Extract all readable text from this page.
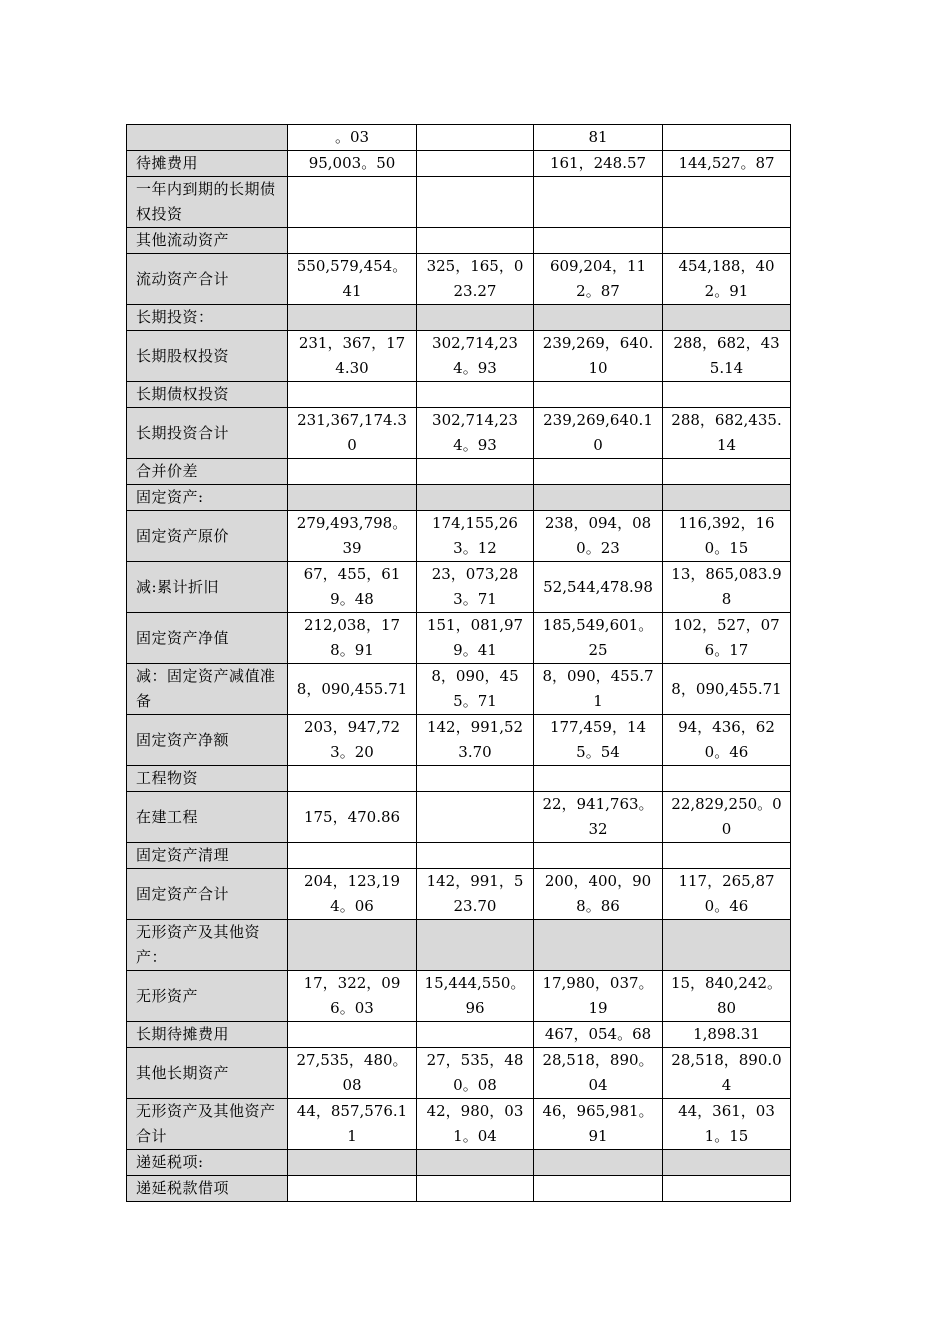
	。03		81	
待摊费用	95,003。50		161，248.57	144,527。87
一年内到期的长期债权投资				
其他流动资产				
流动资产合计	550,579,454。41	325，165，023.27	609,204，112。87	454,188，402。91
长期投资：				
长期股权投资	231，367，174.30	302,714,234。93	239,269，640.10	288，682，435.14
长期债权投资				
长期投资合计	231,367,174.30	302,714,234。93	239,269,640.10	288，682,435.14
合并价差				
固定资产:				
固定资产原价	279,493,798。39	174,155,263。12	238，094，080。23	116,392，160。15
减:累计折旧	67，455，619。48	23，073,283。71	52,544,478.98	13，865,083.98
固定资产净值	212,038，178。91	151，081,979。41	185,549,601。25	102，527，076。17
减：固定资产减值准备	8，090,455.71	8，090，455。71	8，090，455.71	8，090,455.71
固定资产净额	203，947,723。20	142，991,523.70	177,459，145。54	94，436，620。46
工程物资				
在建工程	175，470.86		22，941,763。32	22,829,250。00
固定资产清理				
固定资产合计	204，123,194。06	142，991，523.70	200，400，908。86	117，265,870。46
无形资产及其他资产：				
无形资产	17，322，096。03	15,444,550。96	17,980，037。19	15，840,242。80
长期待摊费用			467，054。68	1,898.31
其他长期资产	27,535，480。08	27，535，480。08	28,518，890。04	28,518，890.04
无形资产及其他资产合计	44，857,576.11	42，980，031。04	46，965,981。91	44，361，031。15
递延税项:				
递延税款借项				
